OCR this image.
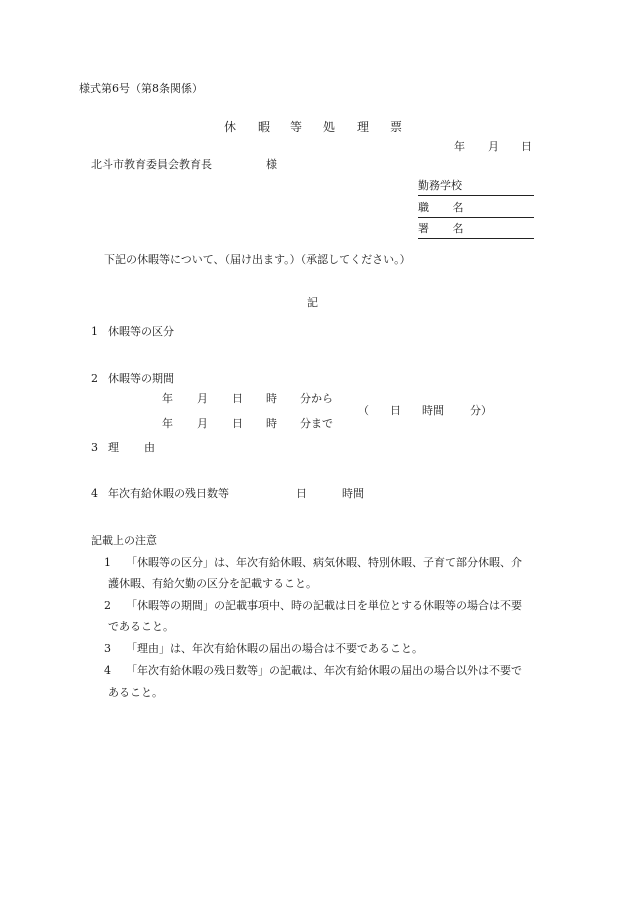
様式第6号（第8条関係）
休 暇 等 処 理 票
年 月 日
北斗市教育委員会教育長	様
勤務学校
職 名
署 名
下記の休暇等について、（届け出ます。）（承認してください。）
記
1 休暇等の区分
2 休暇等の期間
年 月 日 時 分から
年 月 日 時 分まで
（ 日 時間 分）
3 理 由
4 年次有給休暇の残日数等	日	時間
記載上の注意
1 「休暇等の区分」は、年次有給休暇、病気休暇、特別休暇、子育て部分休暇、介
護休暇、有給欠勤の区分を記載すること。
2 「休暇等の期間」の記載事項中、時の記載は日を単位とする休暇等の場合は不要
であること。
3 「理由」は、年次有給休暇の届出の場合は不要であること。
4 「年次有給休暇の残日数等」の記載は、年次有給休暇の届出の場合以外は不要で
あること。
